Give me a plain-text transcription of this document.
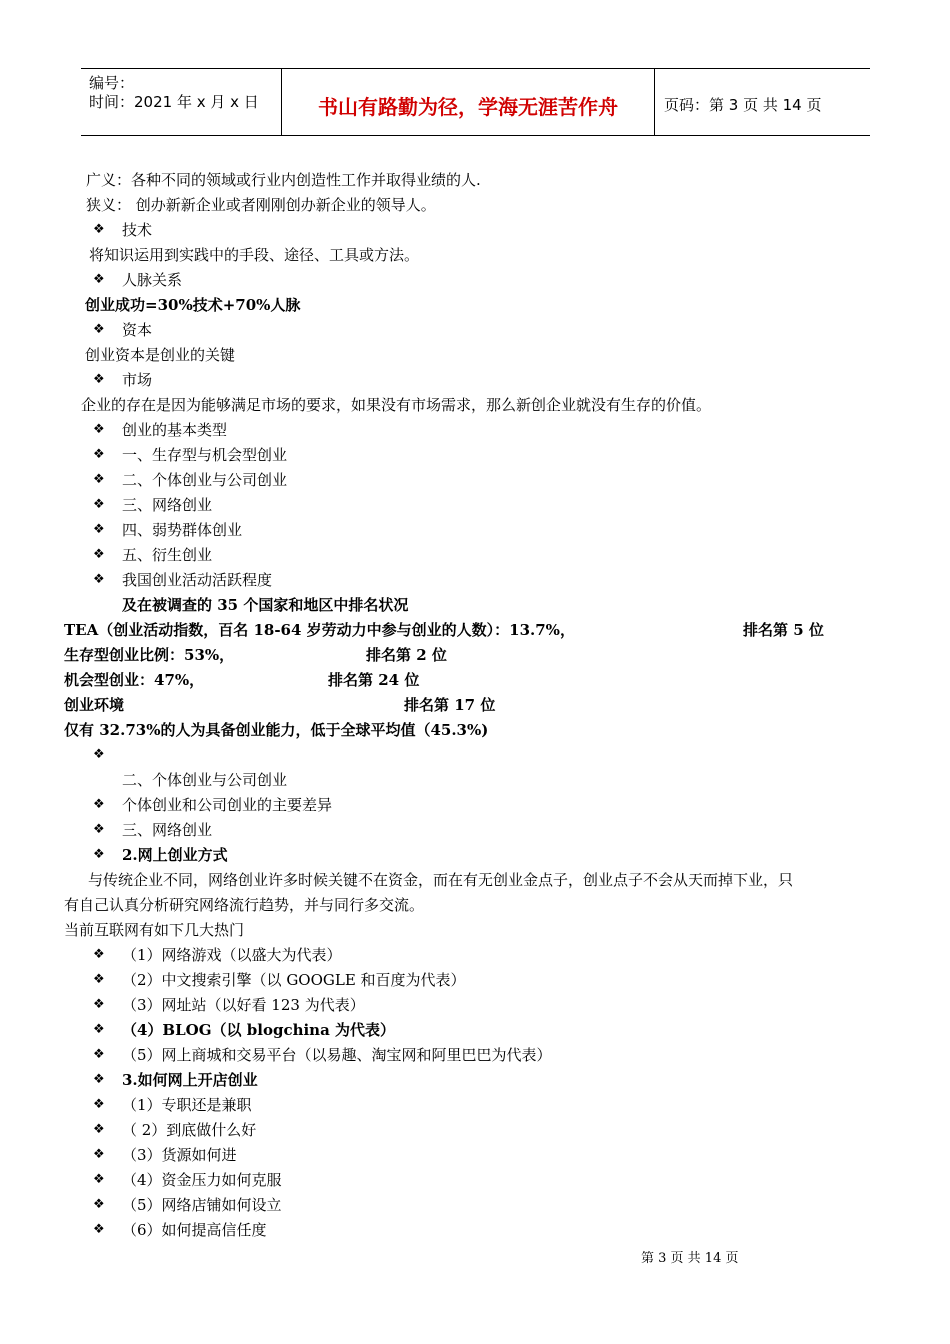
编号：
时间：2021 年 x 月 x 日	书山有路勤为径，学海无涯苦作舟	页码：第 3 页 共 14 页
广义：各种不同的领域或行业内创造性工作并取得业绩的人.
狭义： 创办新新企业或者刚刚创办新企业的领导人。
❖ 技术
将知识运用到实践中的手段、途径、工具或方法。
❖ 人脉关系
创业成功=30%技术+70%人脉
❖ 资本
创业资本是创业的关键
❖ 市场
企业的存在是因为能够满足市场的要求，如果没有市场需求，那么新创企业就没有生存的价值。
❖ 创业的基本类型
❖ 一、生存型与机会型创业
❖ 二、个体创业与公司创业
❖ 三、网络创业
❖ 四、弱势群体创业
❖ 五、衍生创业
❖ 我国创业活动活跃程度
及在被调查的 35 个国家和地区中排名状况
TEA（创业活动指数，百名 18-64 岁劳动力中参与创业的人数）：13.7%，	排名第 5 位
生存型创业比例：53%，	排名第 2 位
机会型创业：47%，	排名第 24 位
创业环境	排名第 17 位
仅有 32.73%的人为具备创业能力，低于全球平均值（45.3%)
❖
二、个体创业与公司创业
❖ 个体创业和公司创业的主要差异
❖ 三、网络创业
❖ 2.网上创业方式
与传统企业不同，网络创业许多时候关键不在资金，而在有无创业金点子，创业点子不会从天而掉下业，只
有自己认真分析研究网络流行趋势，并与同行多交流。
当前互联网有如下几大热门
❖ （1）网络游戏（以盛大为代表）
❖ （2）中文搜索引擎（以 GOOGLE 和百度为代表）
❖ （3）网址站（以好看 123 为代表）
❖ （4）BLOG（以 blogchina 为代表）
❖ （5）网上商城和交易平台（以易趣、淘宝网和阿里巴巴为代表）
❖ 3.如何网上开店创业
❖ （1）专职还是兼职
❖ （ 2）到底做什么好
❖ （3）货源如何进
❖ （4）资金压力如何克服
❖ （5）网络店铺如何设立
❖ （6）如何提高信任度
第 3 页 共 14 页
